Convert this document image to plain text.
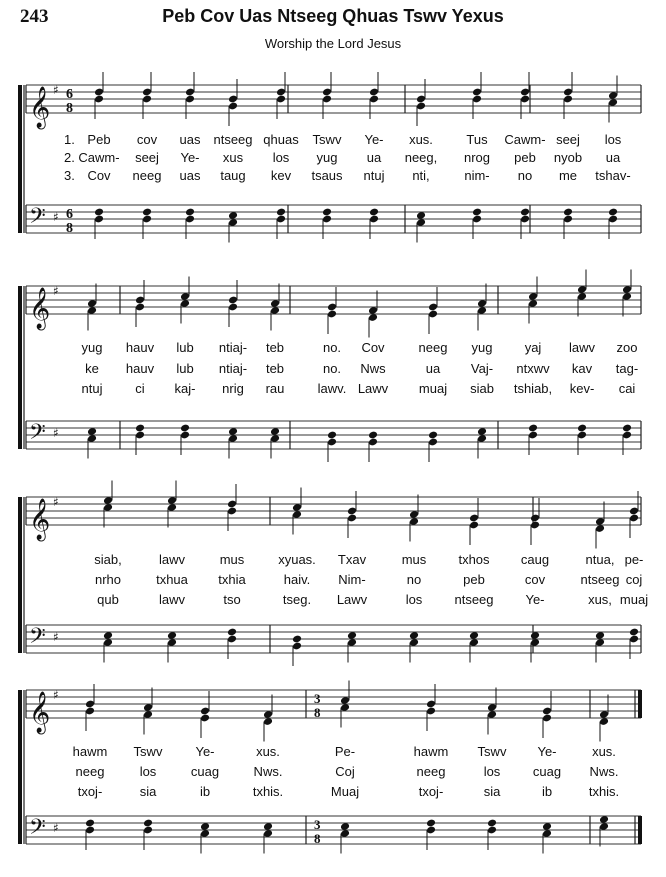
243	Peb Cov Uas Ntseeg Qhuas Tswv Yexus
Worship the Lord Jesus
𝄞 ♯ 6
8
𝄢 ♯ 6
8
𝄞 ♯
𝄢 ♯
𝄞 ♯
𝄢 ♯
𝄞 ♯
𝄢 ♯
3
8
3
8
1. Peb cov uas ntseeg qhuas Tswv Ye- xus.	Tus Cawm- seej los
2. Cawm- seej Ye- xus los yug ua neeg, nrog peb nyob ua
3. Cov neeg uas taug kev tsaus ntuj nti,	nim- no me tshav-
yug hauv lub ntiaj- teb	no. Cov	neeg yug yaj lawv zoo
ke hauv lub ntiaj- teb	no. Nws	ua Vaj- ntxwv kav tag-
ntuj	ci kaj- nrig rau	lawv. Lawv muaj siab tshiab, kev- cai
siab,	lawv	mus	xyuas. Txav	mus txhos caug	ntua, pe-
nrho	txhua txhia	haiv. Nim-	no	peb	cov	ntseeg coj
qub	lawv	tso	tseg. Lawv	los ntseeg Ye-	xus, muaj
hawm Tswv	Ye-	xus.	Pe-	hawm Tswv Ye-	xus.
neeg	los	cuag	Nws.	Coj	neeg	los	cuag Nws.
txoj-	sia	ib	txhis.	Muaj	txoj-	sia	ib	txhis.
